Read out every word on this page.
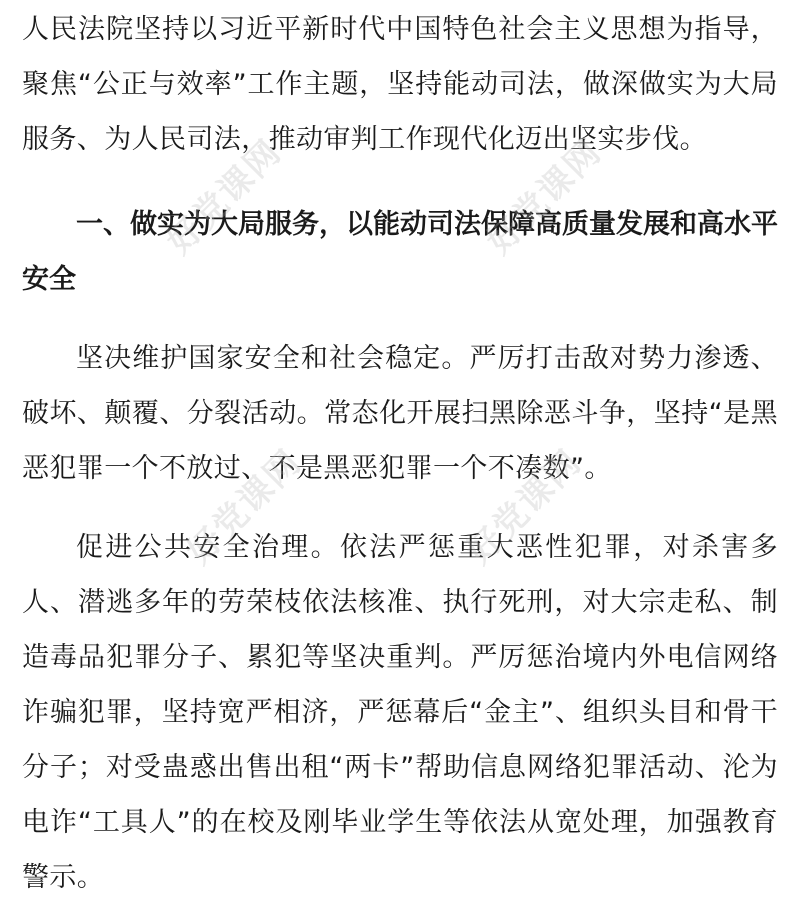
人民法院坚持以习近平新时代中国特色社会主义思想为指导，聚焦“公正与效率”工作主题，坚持能动司法，做深做实为大局服务、为人民司法，推动审判工作现代化迈出坚实步伐。

一、做实为大局服务，以能动司法保障高质量发展和高水平安全

坚决维护国家安全和社会稳定。严厉打击敌对势力渗透、破坏、颠覆、分裂活动。常态化开展扫黑除恶斗争，坚持“是黑恶犯罪一个不放过、不是黑恶犯罪一个不凑数”。

促进公共安全治理。依法严惩重大恶性犯罪，对杀害多人、潜逃多年的劳荣枝依法核准、执行死刑，对大宗走私、制造毒品犯罪分子、累犯等坚决重判。严厉惩治境内外电信网络诈骗犯罪，坚持宽严相济，严惩幕后“金主”、组织头目和骨干分子；对受蛊惑出售出租“两卡”帮助信息网络犯罪活动、沦为电诈“工具人”的在校及刚毕业学生等依法从宽处理，加强教育警示。

好党课网	好党课网
好党课网	好党课网
